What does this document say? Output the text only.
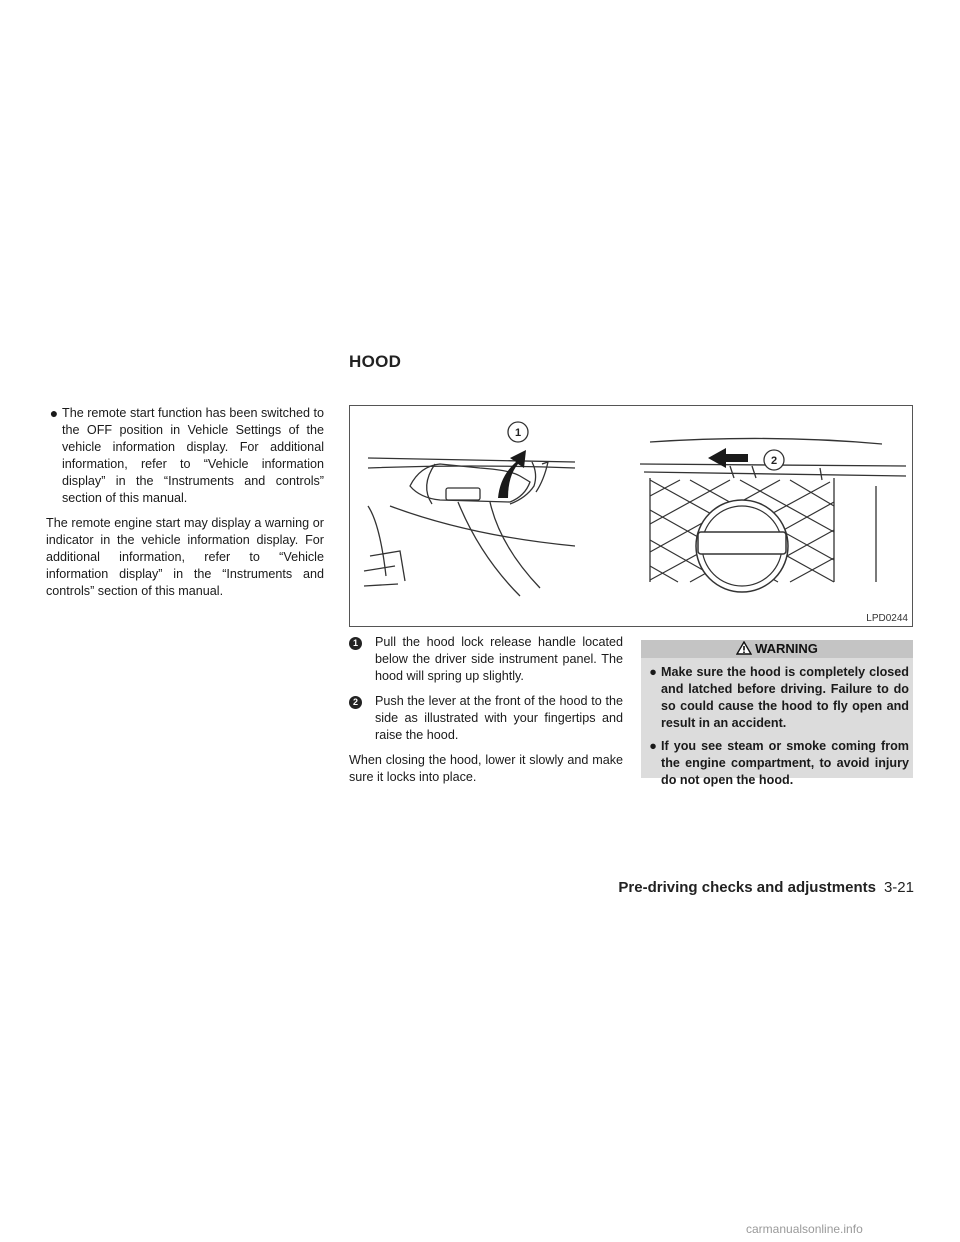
HOOD
● The remote start function has been switched to the OFF position in Vehicle Settings of the vehicle information display. For additional information, refer to “Vehicle information display” in the “Instruments and controls” section of this manual.
The remote engine start may display a warning or indicator in the vehicle information display. For additional information, refer to “Vehicle information display” in the “Instruments and controls” section of this manual.
1
2
LPD0244
1	Pull the hood lock release handle located below the driver side instrument panel. The hood will spring up slightly.
2	Push the lever at the front of the hood to the side as illustrated with your fingertips and raise the hood.
When closing the hood, lower it slowly and make sure it locks into place.
WARNING
● Make sure the hood is completely closed and latched before driving. Failure to do so could cause the hood to fly open and result in an accident.
● If you see steam or smoke coming from the engine compartment, to avoid injury do not open the hood.
Pre-driving checks and adjustments 3-21
carmanualsonline.info
